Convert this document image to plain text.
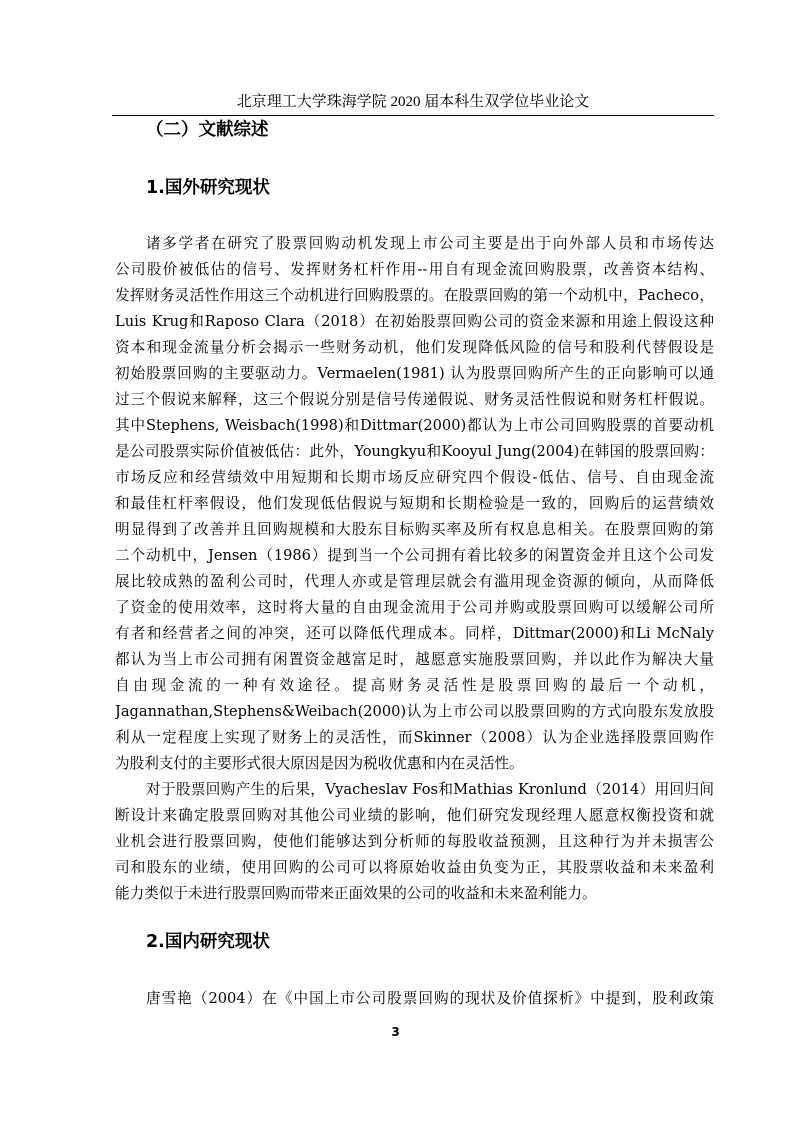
北京理工大学珠海学院 2020 届本科生双学位毕业论文
（二）文献综述
1.国外研究现状
诸多学者在研究了股票回购动机发现上市公司主要是出于向外部人员和市场传达
公司股价被低估的信号、发挥财务杠杆作用--用自有现金流回购股票，改善资本结构、
发挥财务灵活性作用这三个动机进行回购股票的。在股票回购的第一个动机中，Pacheco，
Luis Krug和Raposo Clara（2018）在初始股票回购公司的资金来源和用途上假设这种
资本和现金流量分析会揭示一些财务动机，他们发现降低风险的信号和股利代替假设是
初始股票回购的主要驱动力。Vermaelen(1981) 认为股票回购所产生的正向影响可以通
过三个假说来解释，这三个假说分别是信号传递假说、财务灵活性假说和财务杠杆假说。
其中Stephens, Weisbach(1998)和Dittmar(2000)都认为上市公司回购股票的首要动机
是公司股票实际价值被低估：此外，Youngkyu和Kooyul Jung(2004)在韩国的股票回购：
市场反应和经营绩效中用短期和长期市场反应研究四个假设-低估、信号、自由现金流
和最佳杠杆率假设，他们发现低估假说与短期和长期检验是一致的，回购后的运营绩效
明显得到了改善并且回购规模和大股东目标购买率及所有权息息相关。在股票回购的第
二个动机中，Jensen（1986）提到当一个公司拥有着比较多的闲置资金并且这个公司发
展比较成熟的盈利公司时，代理人亦或是管理层就会有滥用现金资源的倾向，从而降低
了资金的使用效率，这时将大量的自由现金流用于公司并购或股票回购可以缓解公司所
有者和经营者之间的冲突，还可以降低代理成本。同样，Dittmar(2000)和Li McNaly
都认为当上市公司拥有闲置资金越富足时，越愿意实施股票回购，并以此作为解决大量
自由现金流的一种有效途径。提高财务灵活性是股票回购的最后一个动机，
Jagannathan,Stephens&Weibach(2000)认为上市公司以股票回购的方式向股东发放股
利从一定程度上实现了财务上的灵活性，而Skinner（2008）认为企业选择股票回购作
为股利支付的主要形式很大原因是因为税收优惠和内在灵活性。
对于股票回购产生的后果，Vyacheslav Fos和Mathias Kronlund（2014）用回归间
断设计来确定股票回购对其他公司业绩的影响，他们研究发现经理人愿意权衡投资和就
业机会进行股票回购，使他们能够达到分析师的每股收益预测，且这种行为并未损害公
司和股东的业绩，使用回购的公司可以将原始收益由负变为正，其股票收益和未来盈利
能力类似于未进行股票回购而带来正面效果的公司的收益和未来盈利能力。
2.国内研究现状
唐雪艳（2004）在《中国上市公司股票回购的现状及价值探析》中提到，股利政策
3
